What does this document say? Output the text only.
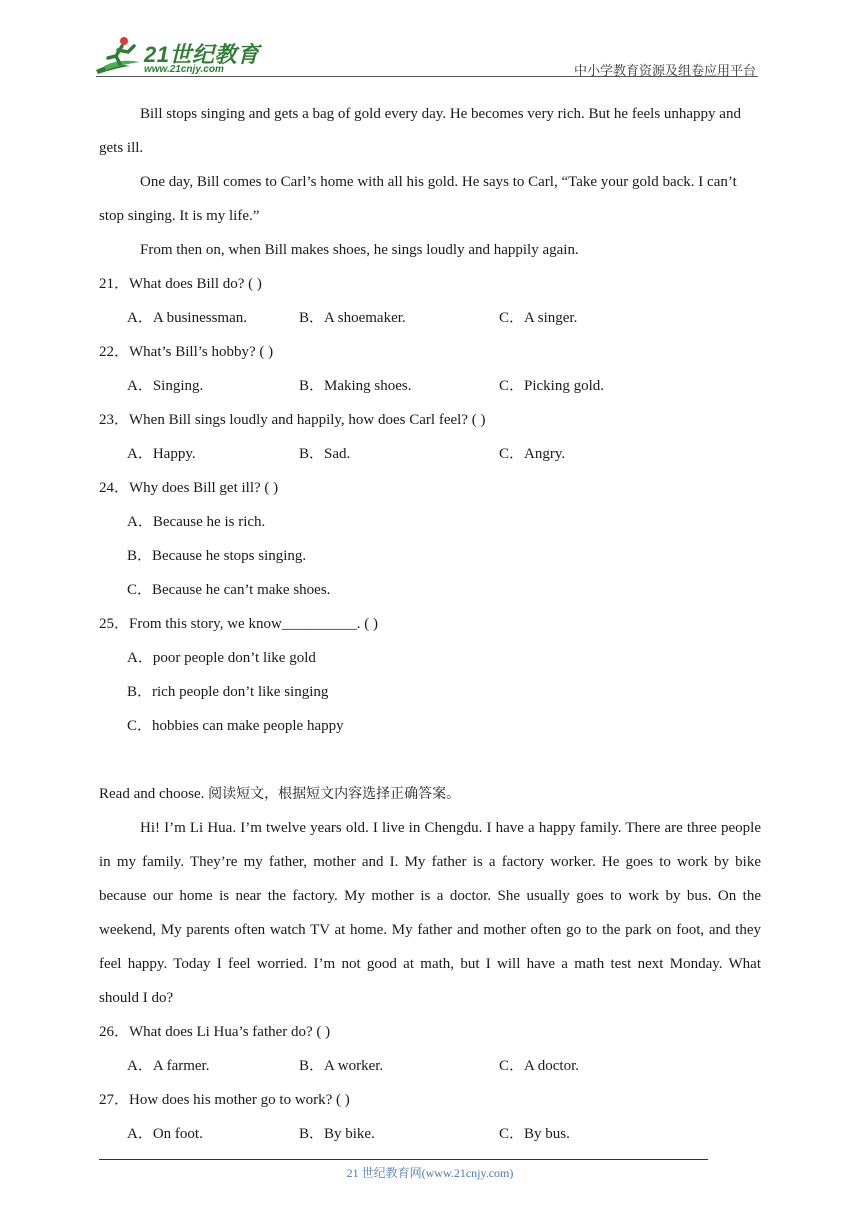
21世纪教育
www.21cnjy.com	中小学教育资源及组卷应用平台
Bill stops singing and gets a bag of gold every day. He becomes very rich. But he feels unhappy and
gets ill.
One day, Bill comes to Carl’s home with all his gold. He says to Carl, “Take your gold back. I can’t
stop singing. It is my life.”
From then on, when Bill makes shoes, he sings loudly and happily again.
21．What does Bill do? ( )
A．A businessman.	B．A shoemaker.	C．A singer.
22．What’s Bill’s hobby? ( )
A．Singing.	B．Making shoes.	C．Picking gold.
23．When Bill sings loudly and happily, how does Carl feel? ( )
A．Happy.	B．Sad.	C．Angry.
24．Why does Bill get ill? ( )
A．Because he is rich.
B．Because he stops singing.
C．Because he can’t make shoes.
25．From this story, we know__________. ( )
A．poor people don’t like gold
B．rich people don’t like singing
C．hobbies can make people happy
Read and choose. 阅读短文，根据短文内容选择正确答案。
Hi! I’m Li Hua. I’m twelve years old. I live in Chengdu. I have a happy family. There are three people
in my family. They’re my father, mother and I. My father is a factory worker. He goes to work by bike
because our home is near the factory. My mother is a doctor. She usually goes to work by bus. On the
weekend, My parents often watch TV at home. My father and mother often go to the park on foot, and they
feel happy. Today I feel worried. I’m not good at math, but I will have a math test next Monday. What
should I do?
26．What does Li Hua’s father do? ( )
A．A farmer.	B．A worker.	C．A doctor.
27．How does his mother go to work? ( )
A．On foot.	B．By bike.	C．By bus.
21 世纪教育网(www.21cnjy.com)
